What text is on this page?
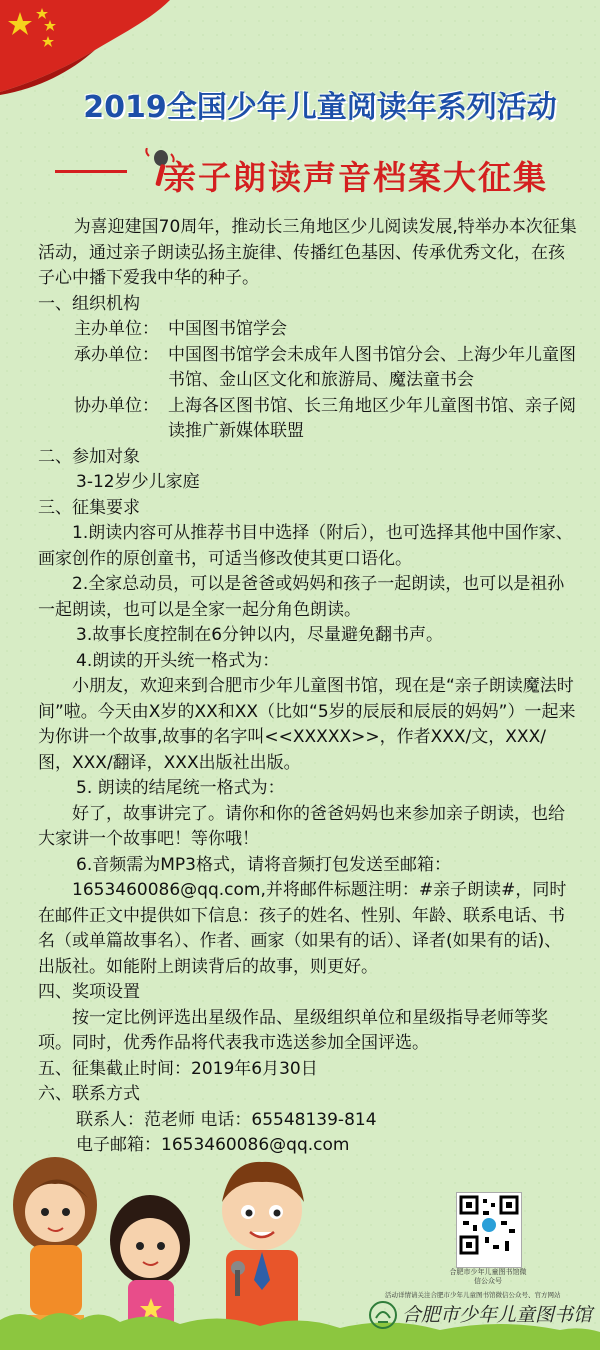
2019全国少年儿童阅读年系列活动
亲子朗读声音档案大征集

为喜迎建国70周年，推动长三角地区少儿阅读发展,特举办本次征集活动，通过亲子朗读弘扬主旋律、传播红色基因、传承优秀文化，在孩子心中播下爱我中华的种子。

一、组织机构

主办单位： 中国图书馆学会
承办单位： 中国图书馆学会未成年人图书馆分会、上海少年儿童图书馆、金山区文化和旅游局、魔法童书会
协办单位： 上海各区图书馆、长三角地区少年儿童图书馆、亲子阅读推广新媒体联盟

二、参加对象

3-12岁少儿家庭

三、征集要求

1.朗读内容可从推荐书目中选择（附后），也可选择其他中国作家、画家创作的原创童书，可适当修改使其更口语化。

2.全家总动员，可以是爸爸或妈妈和孩子一起朗读，也可以是祖孙一起朗读，也可以是全家一起分角色朗读。

3.故事长度控制在6分钟以内，尽量避免翻书声。

4.朗读的开头统一格式为：

小朋友，欢迎来到合肥市少年儿童图书馆，现在是“亲子朗读魔法时间”啦。今天由X岁的XX和XX（比如“5岁的辰辰和辰辰的妈妈”）一起来为你讲一个故事,故事的名字叫<<XXXXX>>，作者XXX/文，XXX/图，XXX/翻译，XXX出版社出版。

5. 朗读的结尾统一格式为：

好了，故事讲完了。请你和你的爸爸妈妈也来参加亲子朗读，也给大家讲一个故事吧！等你哦！

6.音频需为MP3格式，请将音频打包发送至邮箱：

1653460086@qq.com,并将邮件标题注明：#亲子朗读#，同时在邮件正文中提供如下信息：孩子的姓名、性别、年龄、联系电话、书名（或单篇故事名）、作者、画家（如果有的话）、译者(如果有的话)、出版社。如能附上朗读背后的故事，则更好。

四、奖项设置

按一定比例评选出星级作品、星级组织单位和星级指导老师等奖项。同时，优秀作品将代表我市选送参加全国评选。

五、征集截止时间：2019年6月30日

六、联系方式

联系人：范老师 电话：65548139-814

电子邮箱：1653460086@qq.com

合肥市少年儿童图书馆微信公众号
活动详情请关注合肥市少年儿童图书馆微信公众号、官方网站
合肥市少年儿童图书馆
